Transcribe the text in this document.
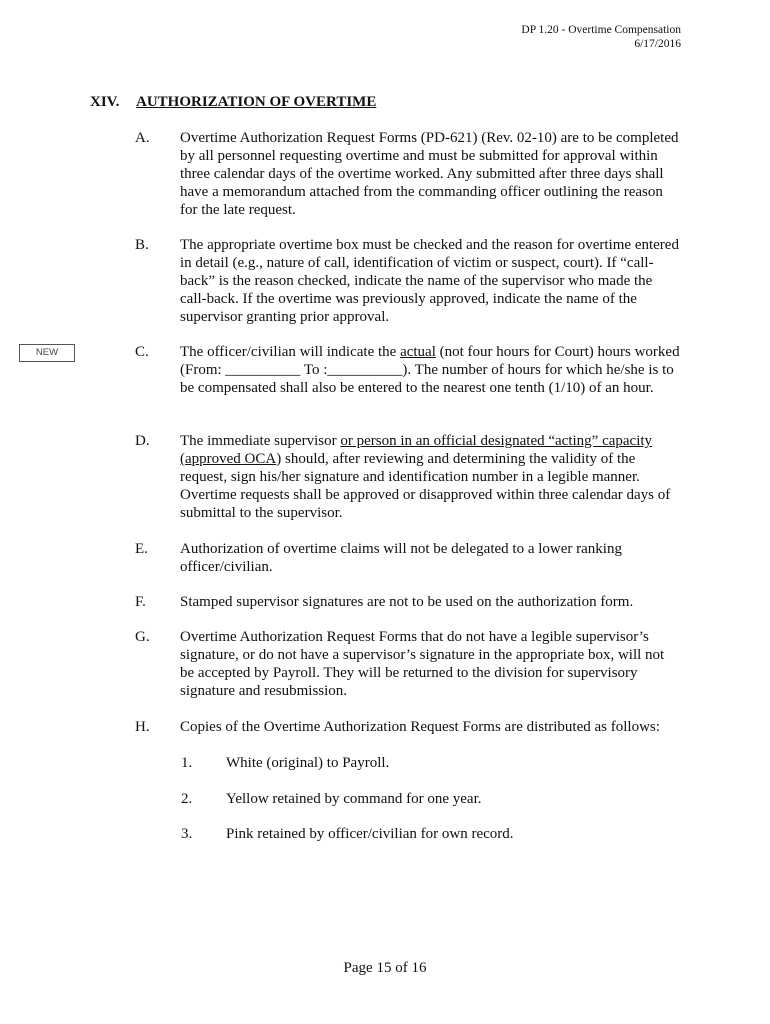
DP 1.20 - Overtime Compensation
6/17/2016
XIV. AUTHORIZATION OF OVERTIME
NEW
A. Overtime Authorization Request Forms (PD-621) (Rev. 02-10) are to be completed by all personnel requesting overtime and must be submitted for approval within three calendar days of the overtime worked. Any submitted after three days shall have a memorandum attached from the commanding officer outlining the reason for the late request.
B. The appropriate overtime box must be checked and the reason for overtime entered in detail (e.g., nature of call, identification of victim or suspect, court). If “call-back” is the reason checked, indicate the name of the supervisor who made the call-back. If the overtime was previously approved, indicate the name of the supervisor granting prior approval.
C. The officer/civilian will indicate the actual (not four hours for Court) hours worked (From: __________ To :__________). The number of hours for which he/she is to be compensated shall also be entered to the nearest one tenth (1/10) of an hour.
D. The immediate supervisor or person in an official designated “acting” capacity (approved OCA) should, after reviewing and determining the validity of the request, sign his/her signature and identification number in a legible manner. Overtime requests shall be approved or disapproved within three calendar days of submittal to the supervisor.
E. Authorization of overtime claims will not be delegated to a lower ranking officer/civilian.
F. Stamped supervisor signatures are not to be used on the authorization form.
G. Overtime Authorization Request Forms that do not have a legible supervisor’s signature, or do not have a supervisor’s signature in the appropriate box, will not be accepted by Payroll. They will be returned to the division for supervisory signature and resubmission.
H. Copies of the Overtime Authorization Request Forms are distributed as follows:
1. White (original) to Payroll.
2. Yellow retained by command for one year.
3. Pink retained by officer/civilian for own record.
Page 15 of 16
